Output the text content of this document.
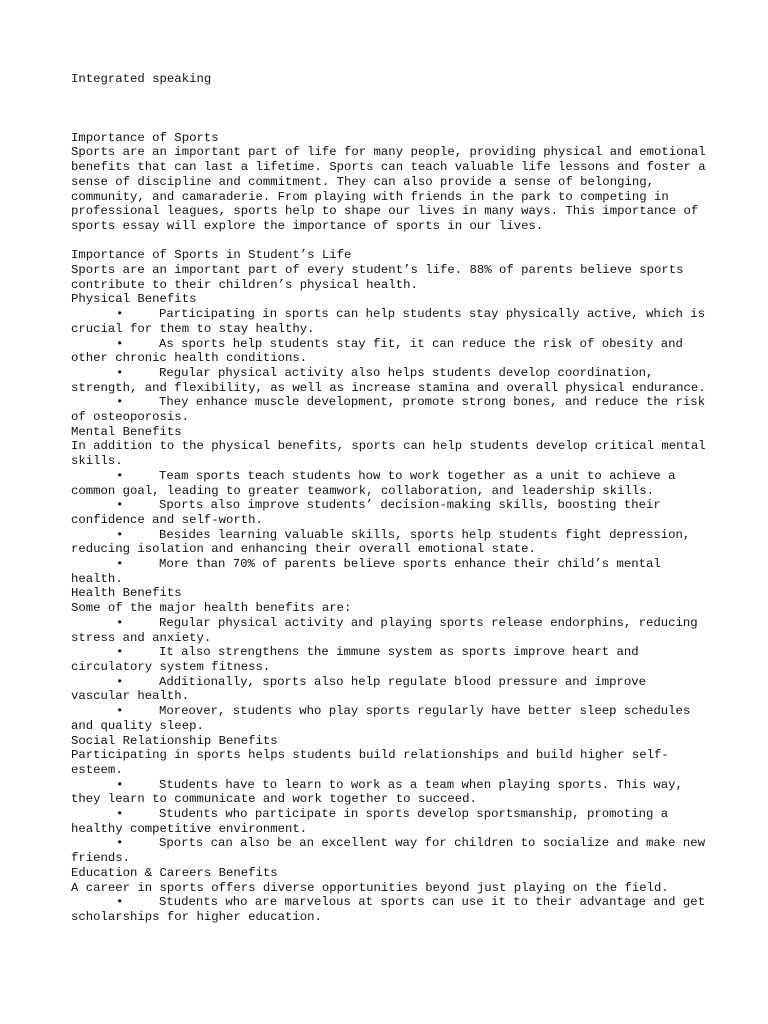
Integrated speaking

Importance of Sports

Sports are an important part of life for many people, providing physical and emotional benefits that can last a lifetime. Sports can teach valuable life lessons and foster a sense of discipline and commitment. They can also provide a sense of belonging, community, and camaraderie. From playing with friends in the park to competing in professional leagues, sports help to shape our lives in many ways. This importance of sports essay will explore the importance of sports in our lives.

Importance of Sports in Student’s Life

Sports are an important part of every student’s life. 88% of parents believe sports contribute to their children’s physical health.

Physical Benefits

•	Participating in sports can help students stay physically active, which is crucial for them to stay healthy.

•	As sports help students stay fit, it can reduce the risk of obesity and other chronic health conditions.

•	Regular physical activity also helps students develop coordination, strength, and flexibility, as well as increase stamina and overall physical endurance.

•	They enhance muscle development, promote strong bones, and reduce the risk of osteoporosis.

Mental Benefits

In addition to the physical benefits, sports can help students develop critical mental skills.

•	Team sports teach students how to work together as a unit to achieve a common goal, leading to greater teamwork, collaboration, and leadership skills.

•	Sports also improve students’ decision-making skills, boosting their confidence and self-worth.

•	Besides learning valuable skills, sports help students fight depression, reducing isolation and enhancing their overall emotional state.

•	More than 70% of parents believe sports enhance their child’s mental health.

Health Benefits

Some of the major health benefits are:

•	Regular physical activity and playing sports release endorphins, reducing stress and anxiety.

•	It also strengthens the immune system as sports improve heart and circulatory system fitness.

•	Additionally, sports also help regulate blood pressure and improve vascular health.

•	Moreover, students who play sports regularly have better sleep schedules and quality sleep.

Social Relationship Benefits

Participating in sports helps students build relationships and build higher self-esteem.

•	Students have to learn to work as a team when playing sports. This way, they learn to communicate and work together to succeed.

•	Students who participate in sports develop sportsmanship, promoting a healthy competitive environment.

•	Sports can also be an excellent way for children to socialize and make new friends.

Education & Careers Benefits

A career in sports offers diverse opportunities beyond just playing on the field.

•	Students who are marvelous at sports can use it to their advantage and get scholarships for higher education.
